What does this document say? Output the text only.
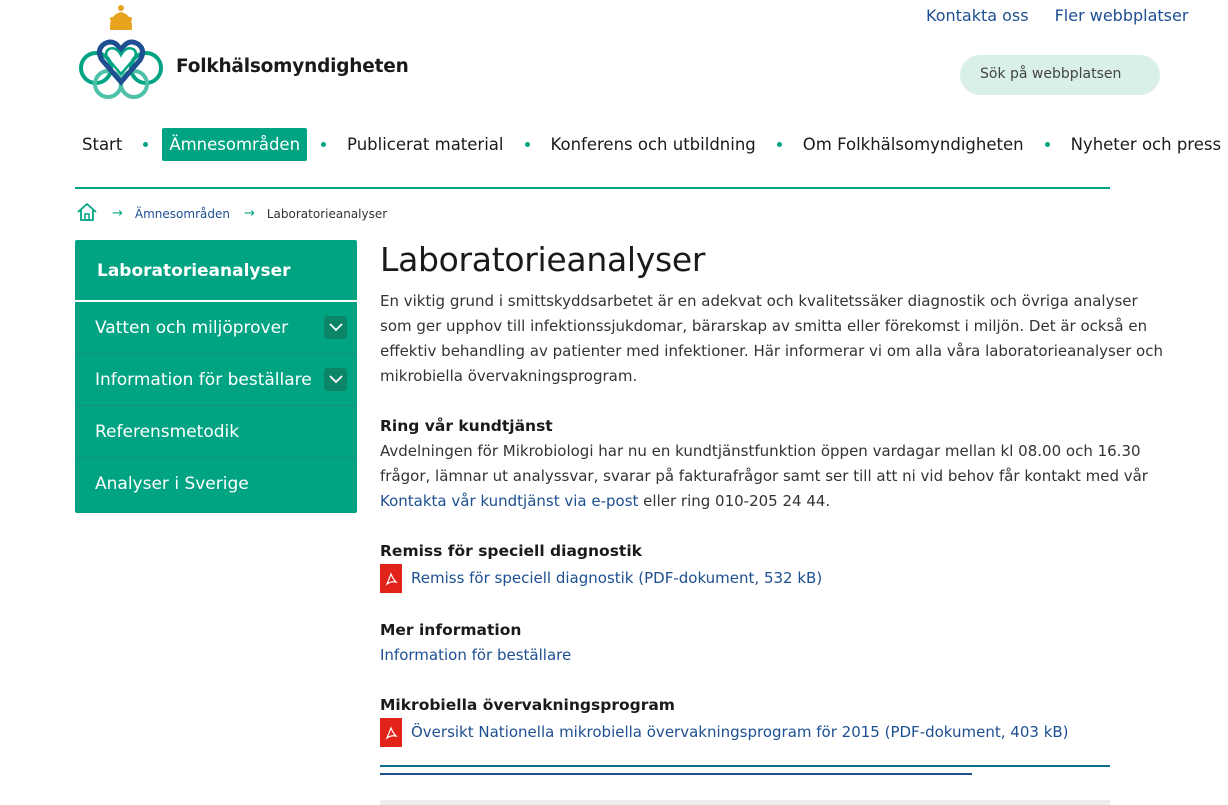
Folkhälsomyndigheten
Kontakta oss Fler webbplatser
Sök på webbplatsen
Start	Ämnesområden	Publicerat material	Konferens och utbildning	Om Folkhälsomyndigheten	Nyheter och press
→ Ämnesområden → Laboratorieanalyser
Laboratorieanalyser
Vatten och miljöprover
Information för beställare
Referensmetodik
Analyser i Sverige
Laboratorieanalyser
En viktig grund i smittskyddsarbetet är en adekvat och kvalitetssäker diagnostik och övriga analyser
som ger upphov till infektionssjukdomar, bärarskap av smitta eller förekomst i miljön. Det är också en
effektiv behandling av patienter med infektioner. Här informerar vi om alla våra laboratorieanalyser och
mikrobiella övervakningsprogram.
Ring vår kundtjänst
Avdelningen för Mikrobiologi har nu en kundtjänstfunktion öppen vardagar mellan kl 08.00 och 16.30
frågor, lämnar ut analyssvar, svarar på fakturafrågor samt ser till att ni vid behov får kontakt med vår
Kontakta vår kundtjänst via e-post eller ring 010-205 24 44.
Remiss för speciell diagnostik
Remiss för speciell diagnostik (PDF-dokument, 532 kB)
Mer information
Information för beställare
Mikrobiella övervakningsprogram
Översikt Nationella mikrobiella övervakningsprogram för 2015 (PDF-dokument, 403 kB)
